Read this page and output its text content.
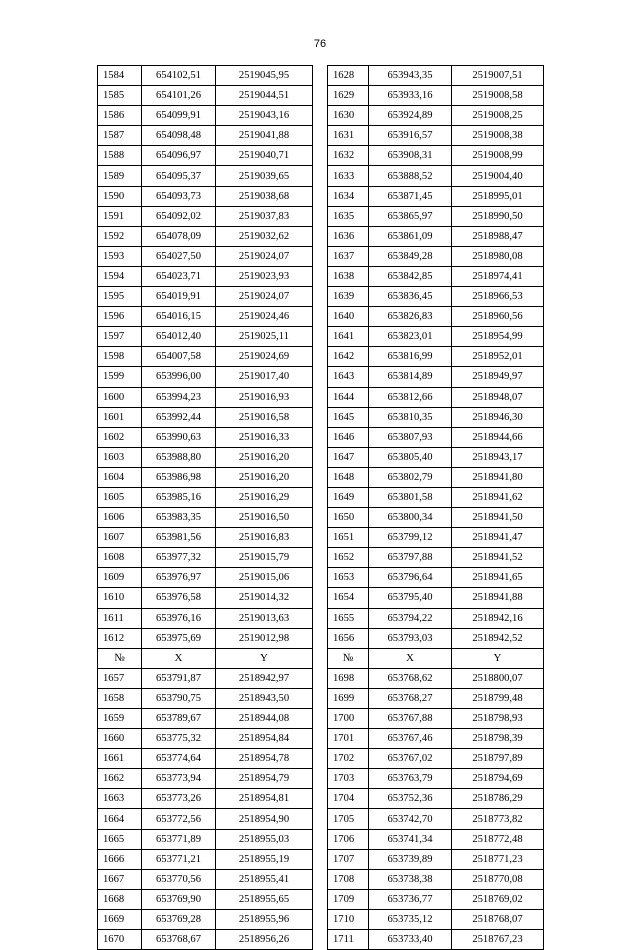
76
1584	654102,51	2519045,95		1628	653943,35	2519007,51
1585	654101,26	2519044,51		1629	653933,16	2519008,58
1586	654099,91	2519043,16		1630	653924,89	2519008,25
1587	654098,48	2519041,88		1631	653916,57	2519008,38
1588	654096,97	2519040,71		1632	653908,31	2519008,99
1589	654095,37	2519039,65		1633	653888,52	2519004,40
1590	654093,73	2519038,68		1634	653871,45	2518995,01
1591	654092,02	2519037,83		1635	653865,97	2518990,50
1592	654078,09	2519032,62		1636	653861,09	2518988,47
1593	654027,50	2519024,07		1637	653849,28	2518980,08
1594	654023,71	2519023,93		1638	653842,85	2518974,41
1595	654019,91	2519024,07		1639	653836,45	2518966,53
1596	654016,15	2519024,46		1640	653826,83	2518960,56
1597	654012,40	2519025,11		1641	653823,01	2518954,99
1598	654007,58	2519024,69		1642	653816,99	2518952,01
1599	653996,00	2519017,40		1643	653814,89	2518949,97
1600	653994,23	2519016,93		1644	653812,66	2518948,07
1601	653992,44	2519016,58		1645	653810,35	2518946,30
1602	653990,63	2519016,33		1646	653807,93	2518944,66
1603	653988,80	2519016,20		1647	653805,40	2518943,17
1604	653986,98	2519016,20		1648	653802,79	2518941,80
1605	653985,16	2519016,29		1649	653801,58	2518941,62
1606	653983,35	2519016,50		1650	653800,34	2518941,50
1607	653981,56	2519016,83		1651	653799,12	2518941,47
1608	653977,32	2519015,79		1652	653797,88	2518941,52
1609	653976,97	2519015,06		1653	653796,64	2518941,65
1610	653976,58	2519014,32		1654	653795,40	2518941,88
1611	653976,16	2519013,63		1655	653794,22	2518942,16
1612	653975,69	2519012,98		1656	653793,03	2518942,52
№	X	Y		№	X	Y
1657	653791,87	2518942,97		1698	653768,62	2518800,07
1658	653790,75	2518943,50		1699	653768,27	2518799,48
1659	653789,67	2518944,08		1700	653767,88	2518798,93
1660	653775,32	2518954,84		1701	653767,46	2518798,39
1661	653774,64	2518954,78		1702	653767,02	2518797,89
1662	653773,94	2518954,79		1703	653763,79	2518794,69
1663	653773,26	2518954,81		1704	653752,36	2518786,29
1664	653772,56	2518954,90		1705	653742,70	2518773,82
1665	653771,89	2518955,03		1706	653741,34	2518772,48
1666	653771,21	2518955,19		1707	653739,89	2518771,23
1667	653770,56	2518955,41		1708	653738,38	2518770,08
1668	653769,90	2518955,65		1709	653736,77	2518769,02
1669	653769,28	2518955,96		1710	653735,12	2518768,07
1670	653768,67	2518956,26		1711	653733,40	2518767,23
